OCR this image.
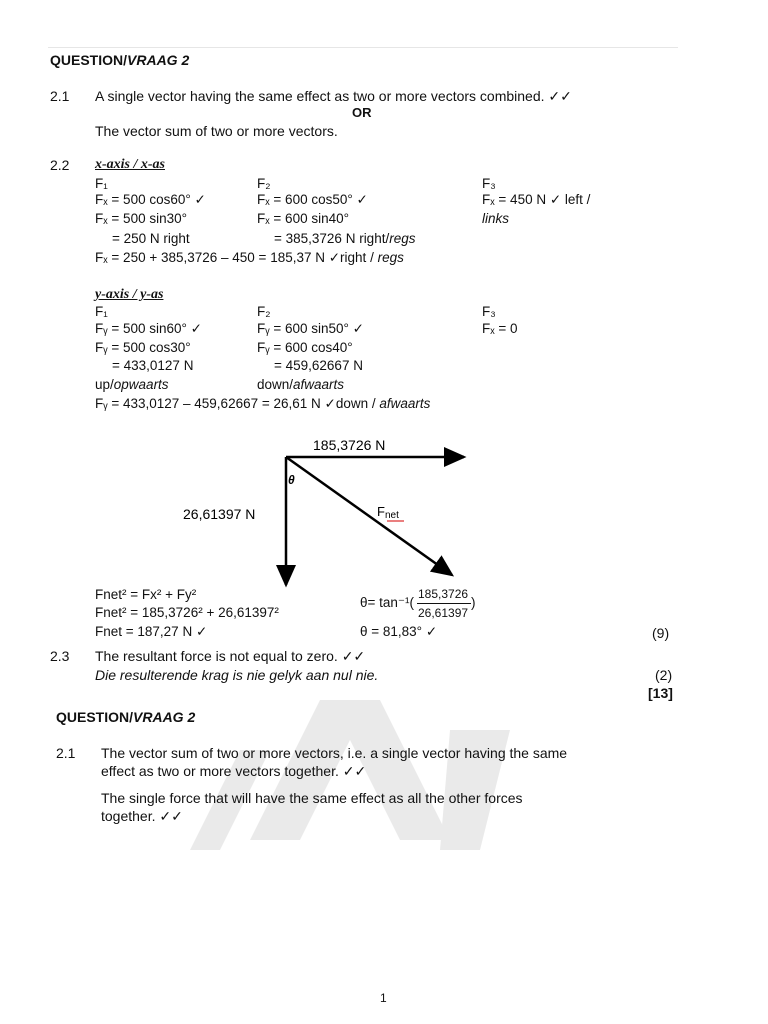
QUESTION/VRAAG 2
2.1 A single vector having the same effect as two or more vectors combined. ✓✓
OR
The vector sum of two or more vectors.
2.2 x-axis / x-as
F₁
Fₓ = 500 cos60° ✓
Fₓ = 500 sin30°
= 250 N right
F₂
Fₓ = 600 cos50° ✓
Fₓ = 600 sin40°
= 385,3726 N right/regs
F₃
Fₓ = 450 N ✓ left /
links
Fₓ = 250 + 385,3726 – 450 = 185,37 N ✓right / regs
y-axis / y-as
F₁
Fᵧ = 500 sin60° ✓
Fᵧ = 500 cos30°
= 433,0127 N
up/opwaarts
F₂
Fᵧ = 600 sin50° ✓
Fᵧ = 600 cos40°
= 459,62667 N
down/afwaarts
F₃
Fₓ = 0
Fᵧ = 433,0127 – 459,62667 = 26,61 N ✓down / afwaarts
185,3726 N
26,61397 N
θ
Fnet
Fnet² = Fx² + Fy²
Fnet² = 185,3726² + 26,61397²
Fnet = 187,27 N ✓
θ= tan⁻¹(
185,3726
26,61397
)
θ = 81,83° ✓	(9)
2.3 The resultant force is not equal to zero. ✓✓
Die resulterende krag is nie gelyk aan nul nie.	(2)
[13]
QUESTION/VRAAG 2
2.1 The vector sum of two or more vectors, i.e. a single vector having the same
effect as two or more vectors together. ✓✓
The single force that will have the same effect as all the other forces
together. ✓✓
1
